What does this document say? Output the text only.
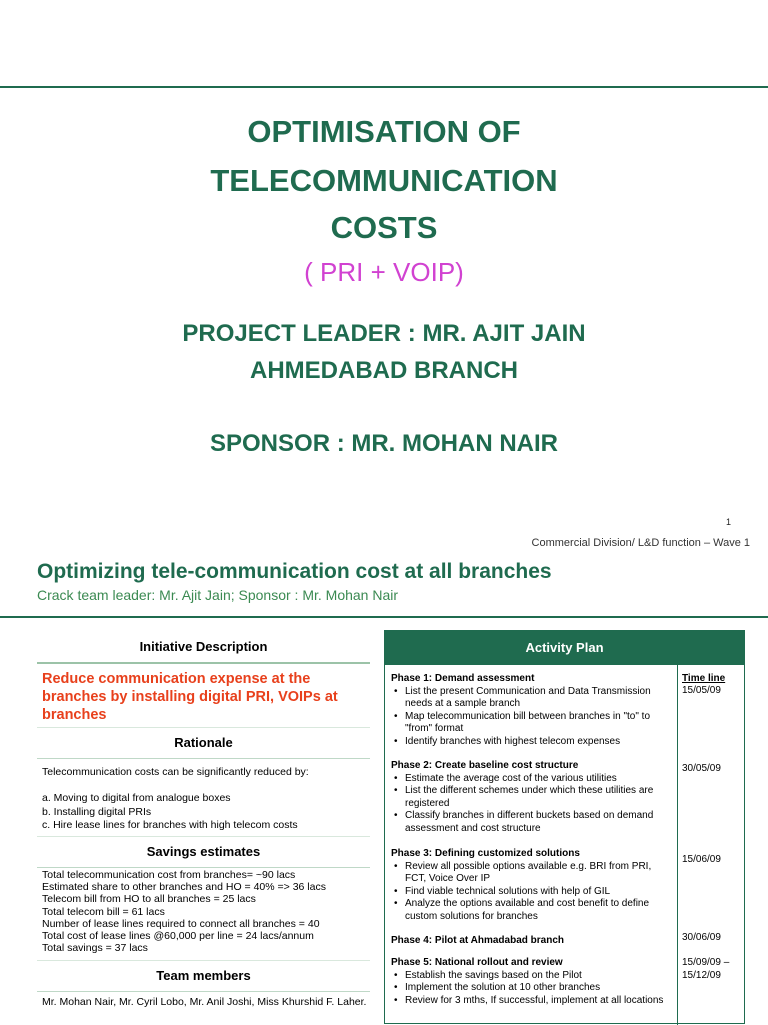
OPTIMISATION OF
TELECOMMUNICATION
COSTS
( PRI + VOIP)
PROJECT LEADER : MR. AJIT JAIN
AHMEDABAD BRANCH
SPONSOR : MR. MOHAN NAIR
1
Commercial Division/ L&D function – Wave 1
Optimizing tele-communication cost at all branches
Crack team leader: Mr. Ajit Jain; Sponsor : Mr. Mohan Nair
Initiative Description
Reduce communication expense at the branches by installing digital PRI, VOIPs at branches
Rationale
Telecommunication costs can be significantly reduced by:
a. Moving to digital from analogue boxes
b. Installing digital PRIs
c. Hire lease lines for branches with high telecom costs
Savings estimates
Total telecommunication cost from branches= ~90 lacs
Estimated share to other branches and HO = 40% => 36 lacs
Telecom bill from HO to all branches = 25 lacs
Total telecom bill = 61 lacs
Number of lease lines required to connect all branches = 40
Total cost of lease lines @60,000 per line = 24 lacs/annum
Total savings = 37 lacs
Team members
Mr. Mohan Nair, Mr. Cyril Lobo, Mr. Anil Joshi, Miss Khurshid F. Laher.
Activity Plan
Phase 1: Demand assessment
• List the present Communication and Data Transmission needs at a sample branch
• Map telecommunication bill between branches in "to" to "from" format
• Identify branches with highest telecom expenses
Phase 2: Create baseline cost structure
• Estimate the average cost of the various utilities
• List the different schemes under which these utilities are registered
• Classify branches in different buckets based on demand assessment and cost structure
Phase 3: Defining customized solutions
• Review all possible options available e.g. BRI from PRI, FCT, Voice Over IP
• Find viable technical solutions with help of GIL
• Analyze the options available and cost benefit to define custom solutions for branches
Phase 4: Pilot at Ahmadabad branch
Phase 5: National rollout and review
• Establish the savings based on the Pilot
• Implement the solution at 10 other branches
• Review for 3 mths, If successful, implement at all locations
Time line
15/05/09
30/05/09
15/06/09
30/06/09
15/09/09 – 15/12/09
